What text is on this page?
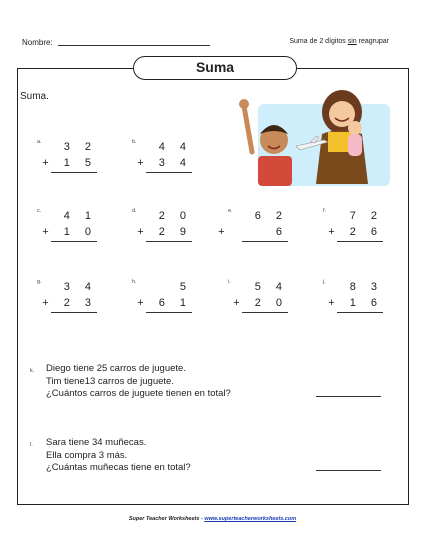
Nombre:	Suma de 2 dígitos sin reagrupar
Suma
Suma.
a. 3 2
+ 1 5
b. 4 4
+ 3 4
c. 4 1
+ 1 0
d. 2 0
+ 2 9
e. 6 2
+     6
f. 7 2
+ 2 6
g. 3 4
+ 2 3
h.	5
+ 6 1
i. 5 4
+ 2 0
j. 8 3
+ 1 6
k. Diego tiene 25 carros de juguete.
Tim tiene13 carros de juguete.
¿Cuántos carros de juguete tienen en total?
l. Sara tiene 34 muñecas.
Ella compra 3 más.
¿Cuántas muñecas tiene en total?
Super Teacher Worksheets - www.superteacherworksheets.com
